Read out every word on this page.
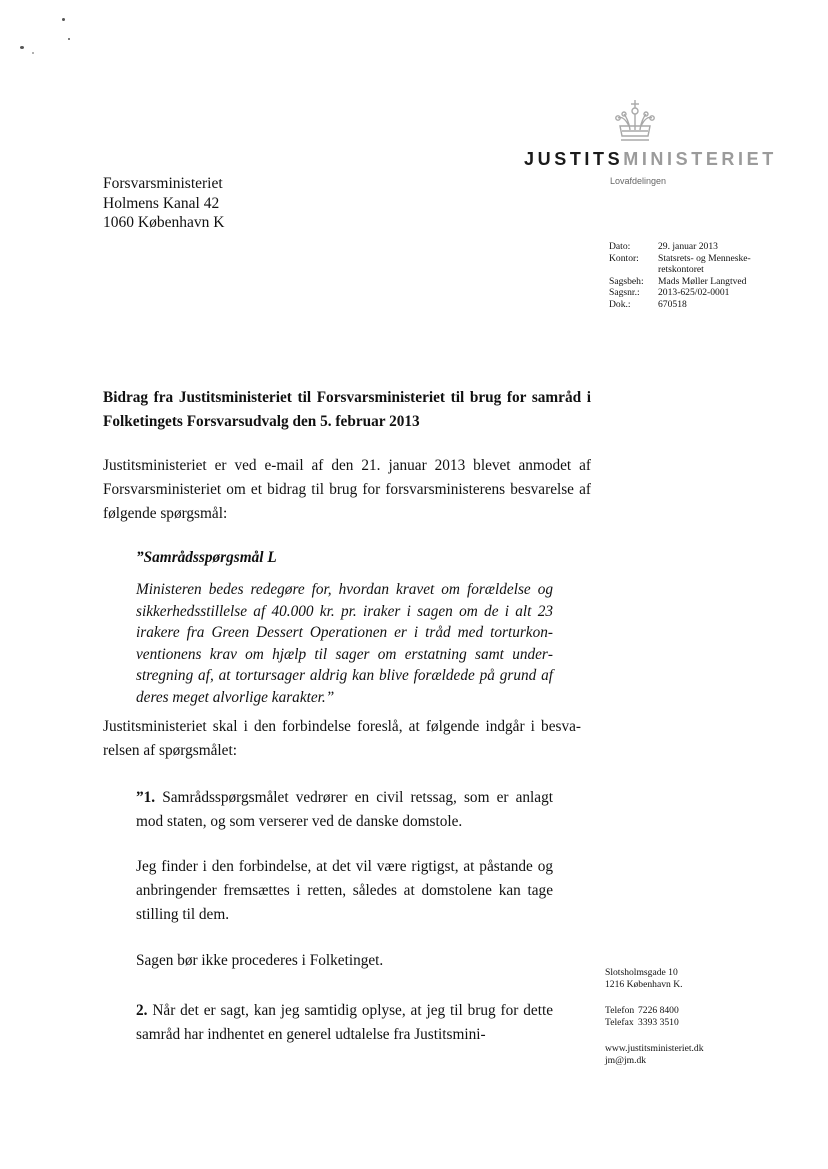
JUSTITSMINISTERIET
Lovafdelingen
Forsvarsministeriet
Holmens Kanal 42
1060 København K
Dato:	29. januar 2013
Kontor:	Statsrets- og Menneske-retskontoret
Sagsbeh:	Mads Møller Langtved
Sagsnr.:	2013-625/02-0001
Dok.:	670518
Bidrag fra Justitsministeriet til Forsvarsministeriet til brug for samråd i Folketingets Forsvarsudvalg den 5. februar 2013
Justitsministeriet er ved e-mail af den 21. januar 2013 blevet anmodet af Forsvarsministeriet om et bidrag til brug for forsvarsministerens besvarelse af følgende spørgsmål:
”Samrådsspørgsmål L
Ministeren bedes redegøre for, hvordan kravet om forældelse og sikkerhedsstillelse af 40.000 kr. pr. iraker i sagen om de i alt 23 irakere fra Green Dessert Operationen er i tråd med torturkonventionens krav om hjælp til sager om erstatning samt understregning af, at tortursager aldrig kan blive forældede på grund af deres meget alvorlige karakter.”
Justitsministeriet skal i den forbindelse foreslå, at følgende indgår i besvarelsen af spørgsmålet:
”1. Samrådsspørgsmålet vedrører en civil retssag, som er anlagt mod staten, og som verserer ved de danske domstole.
Jeg finder i den forbindelse, at det vil være rigtigst, at påstande og anbringender fremsættes i retten, således at domstolene kan tage stilling til dem.
Sagen bør ikke procederes i Folketinget.
2. Når det er sagt, kan jeg samtidig oplyse, at jeg til brug for dette samråd har indhentet en generel udtalelse fra Justitsmini-
Slotsholmsgade 10
1216 København K.
Telefon 7226 8400
Telefax 3393 3510
www.justitsministeriet.dk
jm@jm.dk
